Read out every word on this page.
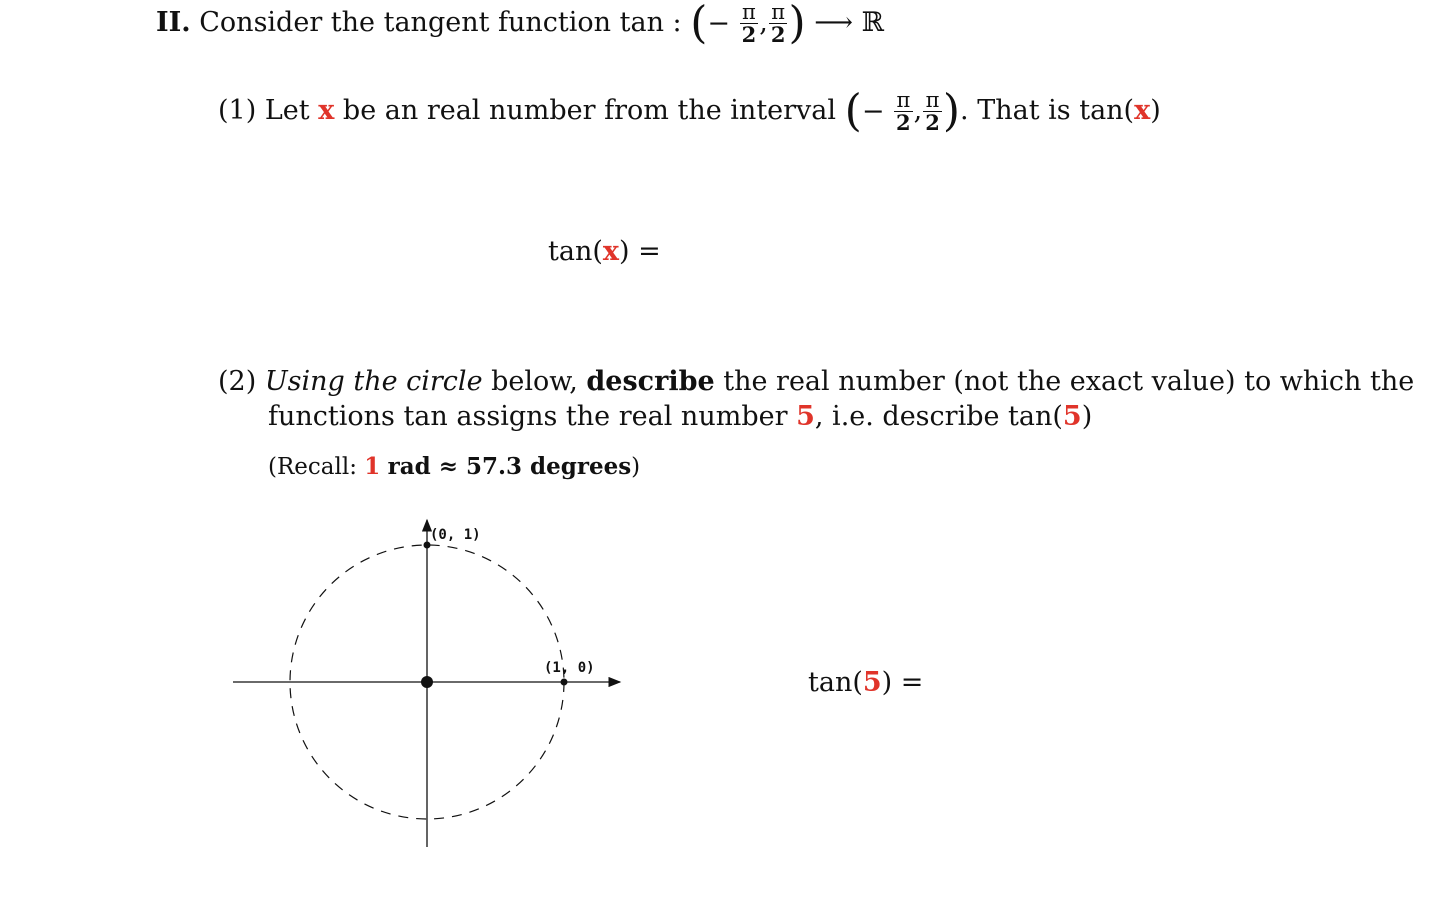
II. Consider the tangent function tan : (− $\frac{\pi}{2}$ , $\frac{\pi}{2}$ ) ⟶ ℝ
(1) Let x be an real number from the interval (− $\frac{\pi}{2}$ , $\frac{\pi}{2}$ ). That is tan(x)
tan(x) =
(2) Using the circle below, describe the real number (not the exact value) to which the
functions tan assigns the real number 5, i.e. describe tan(5)
(Recall: 1 rad ≈ 57.3 degrees)
(0, 1)
(1, 0)	tan(5) =
